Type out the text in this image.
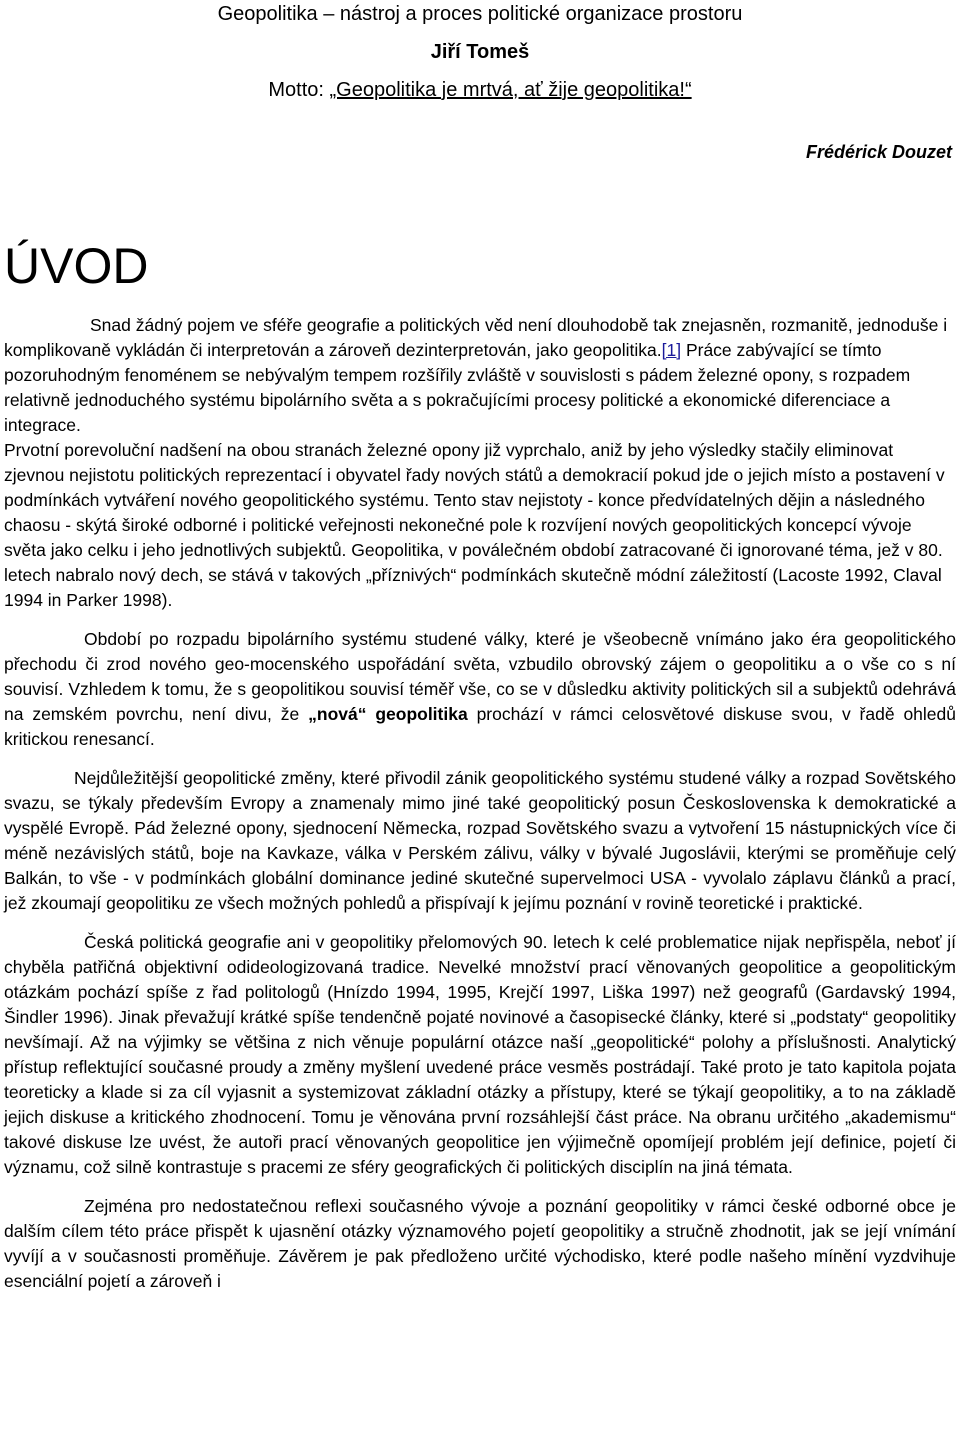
Geopolitika – nástroj a proces politické organizace prostoru
Jiří Tomeš
Motto: „Geopolitika je mrtvá, ať žije geopolitika!“
Frédérick Douzet
ÚVOD

Snad žádný pojem ve sféře geografie a politických věd není dlouhodobě tak znejasněn, rozmanitě, jednoduše i komplikovaně vykládán či interpretován a zároveň dezinterpretován, jako geopolitika.[1] Práce zabývající se tímto pozoruhodným fenoménem se nebývalým tempem rozšířily zvláště v souvislosti s pádem železné opony, s rozpadem relativně jednoduchého systému bipolárního světa a s pokračujícími procesy politické a ekonomické diferenciace a integrace.

Prvotní porevoluční nadšení na obou stranách železné opony již vyprchalo, aniž by jeho výsledky stačily eliminovat zjevnou nejistotu politických reprezentací i obyvatel řady nových států a demokracií pokud jde o jejich místo a postavení v podmínkách vytváření nového geopolitického systému. Tento stav nejistoty - konce předvídatelných dějin a následného chaosu - skýtá široké odborné i politické veřejnosti nekonečné pole k rozvíjení nových geopolitických koncepcí vývoje světa jako celku i jeho jednotlivých subjektů. Geopolitika, v poválečném období zatracované či ignorované téma, jež v 80. letech nabralo nový dech, se stává v takových „příznivých“ podmínkách skutečně módní záležitostí (Lacoste 1992, Claval 1994 in Parker 1998).

Období po rozpadu bipolárního systému studené války, které je všeobecně vnímáno jako éra geopolitického přechodu či zrod nového geo-mocenského uspořádání světa, vzbudilo obrovský zájem o geopolitiku a o vše co s ní souvisí. Vzhledem k tomu, že s geopolitikou souvisí téměř vše, co se v důsledku aktivity politických sil a subjektů odehrává na zemském povrchu, není divu, že „nová“ geopolitika prochází v rámci celosvětové diskuse svou, v řadě ohledů kritickou renesancí.

Nejdůležitější geopolitické změny, které přivodil zánik geopolitického systému studené války a rozpad Sovětského svazu, se týkaly především Evropy a znamenaly mimo jiné také geopolitický posun Československa k demokratické a vyspělé Evropě. Pád železné opony, sjednocení Německa, rozpad Sovětského svazu a vytvoření 15 nástupnických více či méně nezávislých států, boje na Kavkaze, válka v Perském zálivu, války v bývalé Jugoslávii, kterými se proměňuje celý Balkán, to vše - v podmínkách globální dominance jediné skutečné supervelmoci USA - vyvolalo záplavu článků a prací, jež zkoumají geopolitiku ze všech možných pohledů a přispívají k jejímu poznání v rovině teoretické i praktické.

Česká politická geografie ani v geopolitiky přelomových 90. letech k celé problematice nijak nepřispěla, neboť jí chyběla patřičná objektivní odideologizovaná tradice. Nevelké množství prací věnovaných geopolitice a geopolitickým otázkám pochází spíše z řad politologů (Hnízdo 1994, 1995, Krejčí 1997, Liška 1997) než geografů (Gardavský 1994, Šindler 1996). Jinak převažují krátké spíše tendenčně pojaté novinové a časopisecké články, které si „podstaty“ geopolitiky nevšímají. Až na výjimky se většina z nich věnuje populární otázce naší „geopolitické“ polohy a příslušnosti. Analytický přístup reflektující současné proudy a změny myšlení uvedené práce vesměs postrádají. Také proto je tato kapitola pojata teoreticky a klade si za cíl vyjasnit a systemizovat základní otázky a přístupy, které se týkají geopolitiky, a to na základě jejich diskuse a kritického zhodnocení. Tomu je věnována první rozsáhlejší část práce. Na obranu určitého „akademismu“ takové diskuse lze uvést, že autoři prací věnovaných geopolitice jen výjimečně opomíjejí problém její definice, pojetí či významu, což silně kontrastuje s pracemi ze sféry geografických či politických disciplín na jiná témata.

Zejména pro nedostatečnou reflexi současného vývoje a poznání geopolitiky v rámci české odborné obce je dalším cílem této práce přispět k ujasnění otázky významového pojetí geopolitiky a stručně zhodnotit, jak se její vnímání vyvíjí a v současnosti proměňuje. Závěrem je pak předloženo určité východisko, které podle našeho mínění vyzdvihuje esenciální pojetí a zároveň i
